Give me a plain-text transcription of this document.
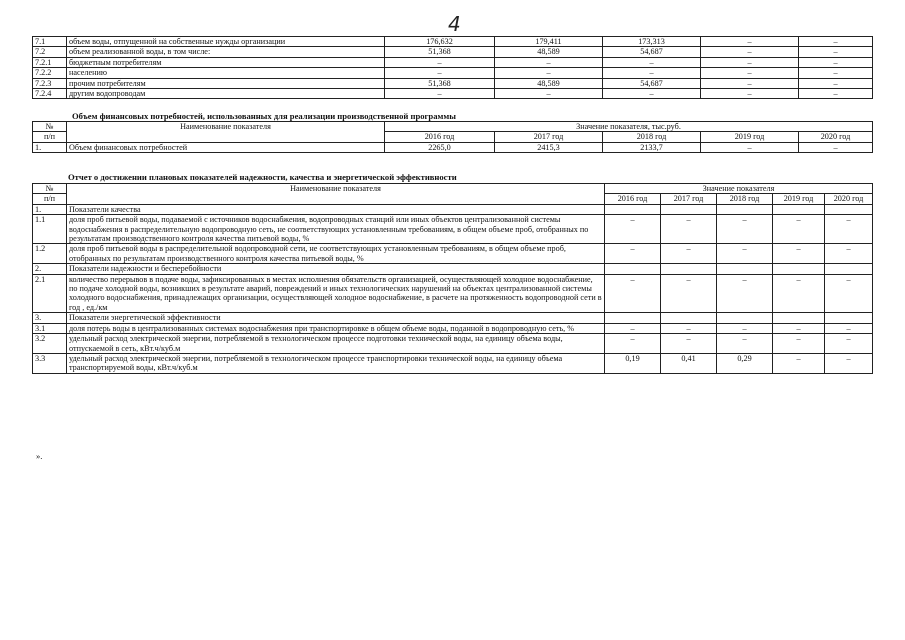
4
7.1	объем воды, отпущенной на собственные нужды организации	176,632	179,411	173,313	–	–
7.2	объем реализованной воды, в том числе:	51,368	48,589	54,687	–	–
7.2.1	бюджетным потребителям	–	–	–	–	–
7.2.2	населению	–	–	–	–	–
7.2.3	прочим потребителям	51,368	48,589	54,687	–	–
7.2.4	другим водопроводам	–	–	–	–	–
Объем финансовых потребностей, использованных для реализации производственной программы
№	Наименование показателя	Значение показателя, тыс.руб.				
п/п		2016 год	2017 год	2018 год	2019 год	2020 год
1.	Объем финансовых потребностей	2265,0	2415,3	2133,7	–	–
Отчет о достижении плановых показателей надежности, качества и энергетической эффективности
№	Наименование показателя	Значение показателя				
п/п		2016 год	2017 год	2018 год	2019 год	2020 год
1.	Показатели качества					
1.1	доля проб питьевой воды, подаваемой с источников водоснабжения, водопроводных станций или иных объектов централизованной системы водоснабжения в распределительную водопроводную сеть, не соответствующих установленным требованиям, в общем объеме проб, отобранных по результатам производственного контроля качества питьевой воды, %	–	–	–	–	–
1.2	доля проб питьевой воды в распределительной водопроводной сети, не соответствующих установленным требованиям, в общем объеме проб, отобранных по результатам производственного контроля качества питьевой воды, %	–	–	–	–	–
2.	Показатели надежности и бесперебойности					
2.1	количество перерывов в подаче воды, зафиксированных в местах исполнения обязательств организацией, осуществляющей холодное водоснабжение, по подаче холодной воды, возникших в результате аварий, повреждений и иных технологических нарушений на объектах централизованной системы холодного водоснабжения, принадлежащих организации, осуществляющей холодное водоснабжение, в расчете на протяженность водопроводной сети в год , ед./км	–	–	–	–	–
3.	Показатели энергетической эффективности					
3.1	доля потерь воды в централизованных системах водоснабжения при транспортировке в общем объеме воды, поданной в водопроводную сеть, %	–	–	–	–	–
3.2	удельный расход электрической энергии, потребляемой в технологическом процессе подготовки технической воды, на единицу объема воды, отпускаемой в сеть, кВт.ч/куб.м	–	–	–	–	–
3.3	удельный расход электрической энергии, потребляемой в технологическом процессе транспортировки технической воды, на единицу объема транспортируемой воды, кВт.ч/куб.м	0,19	0,41	0,29	–	–
».
